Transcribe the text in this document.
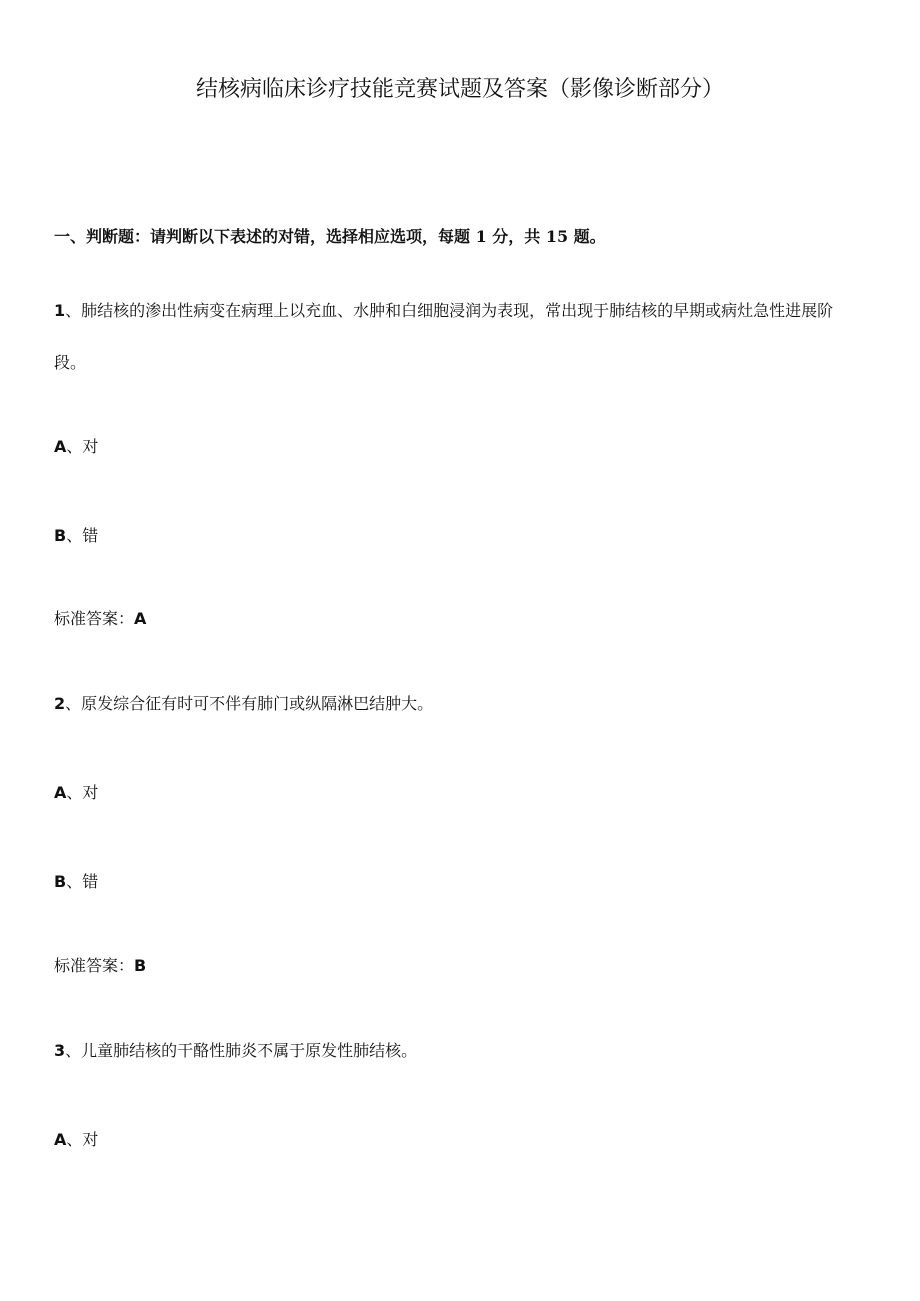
结核病临床诊疗技能竞赛试题及答案（影像诊断部分）
一、判断题：请判断以下表述的对错，选择相应选项，每题 1 分，共 15 题。
1、肺结核的渗出性病变在病理上以充血、水肿和白细胞浸润为表现，常出现于肺结核的早期或病灶急性进展阶段。
A、对
B、错
标准答案：A
2、原发综合征有时可不伴有肺门或纵隔淋巴结肿大。
A、对
B、错
标准答案：B
3、儿童肺结核的干酪性肺炎不属于原发性肺结核。
A、对
